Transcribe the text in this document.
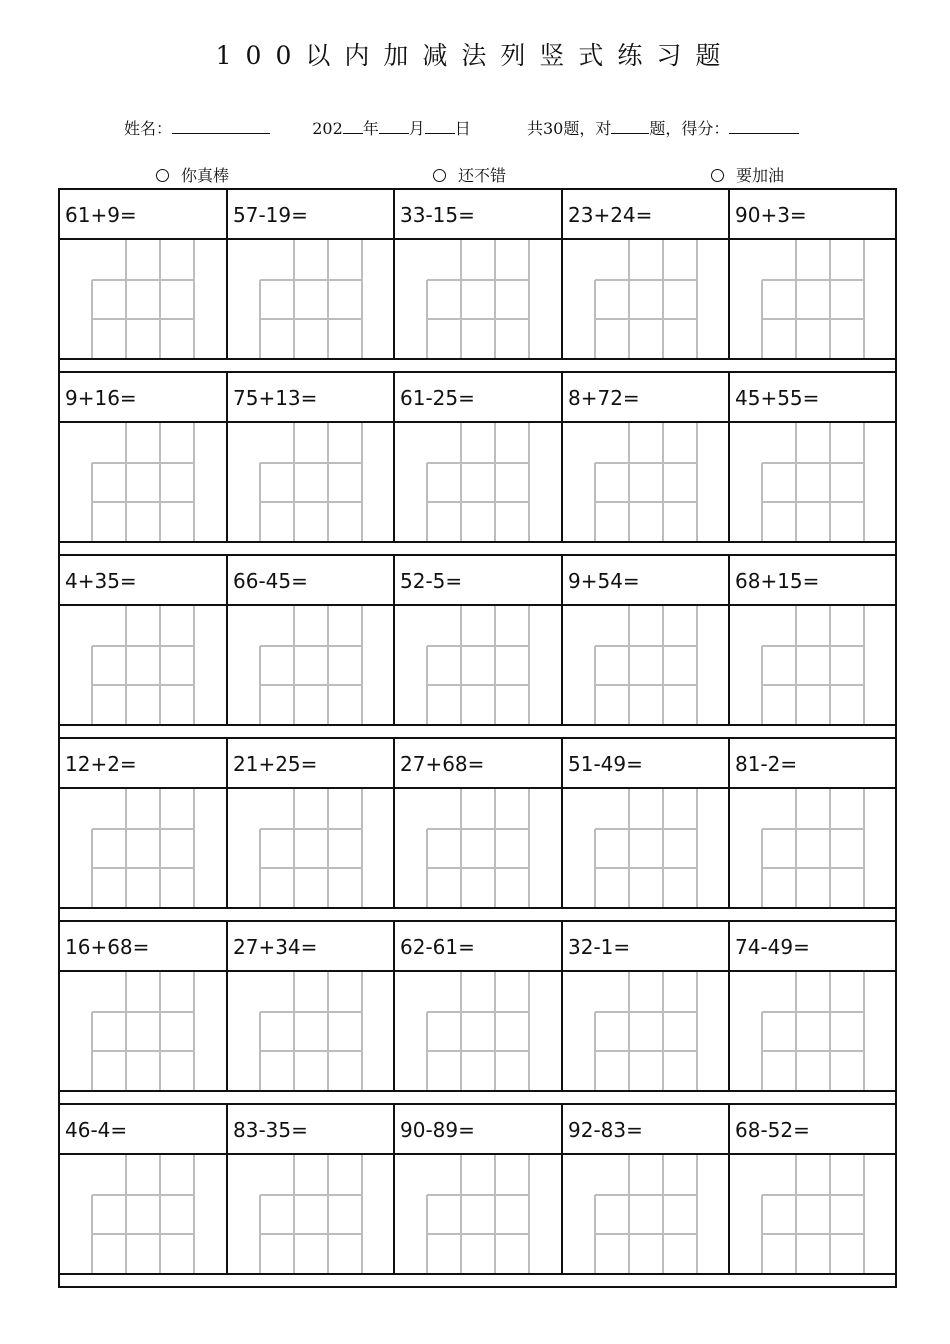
100以内加减法列竖式练习题
姓名：	202 年 月 日	共30题，对 题，得分：
你真棒	还不错	要加油
61+9=	57-19=	33-15=	23+24=	90+3=
9+16=	75+13=	61-25=	8+72=	45+55=
4+35=	66-45=	52-5=	9+54=	68+15=
12+2=	21+25=	27+68=	51-49=	81-2=
16+68=	27+34=	62-61=	32-1=	74-49=
46-4=	83-35=	90-89=	92-83=	68-52=
